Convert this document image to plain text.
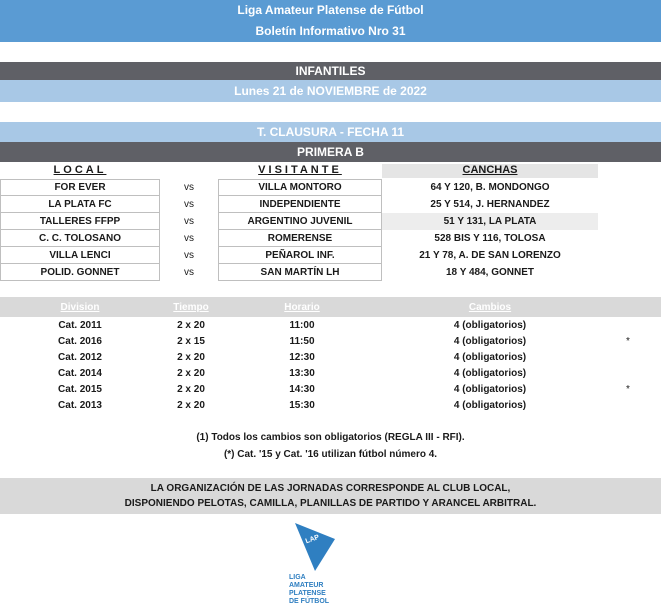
Liga Amateur Platense de Fútbol
Boletín Informativo Nro 31
INFANTILES
Lunes 21 de NOVIEMBRE de 2022
T. CLAUSURA - FECHA 11
PRIMERA B
LOCAL	VISITANTE	CANCHAS
FOR EVER	vs	VILLA MONTORO	64 Y 120, B. MONDONGO
LA PLATA FC	vs	INDEPENDIENTE	25 Y 514, J. HERNANDEZ
TALLERES FFPP	vs	ARGENTINO JUVENIL	51 Y 131, LA PLATA
C. C. TOLOSANO	vs	ROMERENSE	528 BIS Y 116, TOLOSA
VILLA LENCI	vs	PEÑAROL INF.	21 Y 78, A. DE SAN LORENZO
POLID. GONNET	vs	SAN MARTÍN LH	18 Y 484, GONNET
Division	Tiempo	Horario	Cambios
Cat. 2011	2 x 20	11:00	4 (obligatorios)
Cat. 2016	2 x 15	11:50	4 (obligatorios)	*
Cat. 2012	2 x 20	12:30	4 (obligatorios)
Cat. 2014	2 x 20	13:30	4 (obligatorios)
Cat. 2015	2 x 20	14:30	4 (obligatorios)	*
Cat. 2013	2 x 20	15:30	4 (obligatorios)
(1) Todos los cambios son obligatorios (REGLA III - RFI).
(*) Cat. '15 y Cat. '16 utilizan fútbol número 4.
LA ORGANIZACIÓN DE LAS JORNADAS CORRESPONDE AL CLUB LOCAL,
DISPONIENDO PELOTAS, CAMILLA, PLANILLAS DE PARTIDO Y ARANCEL ARBITRAL.
LAP
LIGA
AMATEUR
PLATENSE
DE FÚTBOL
